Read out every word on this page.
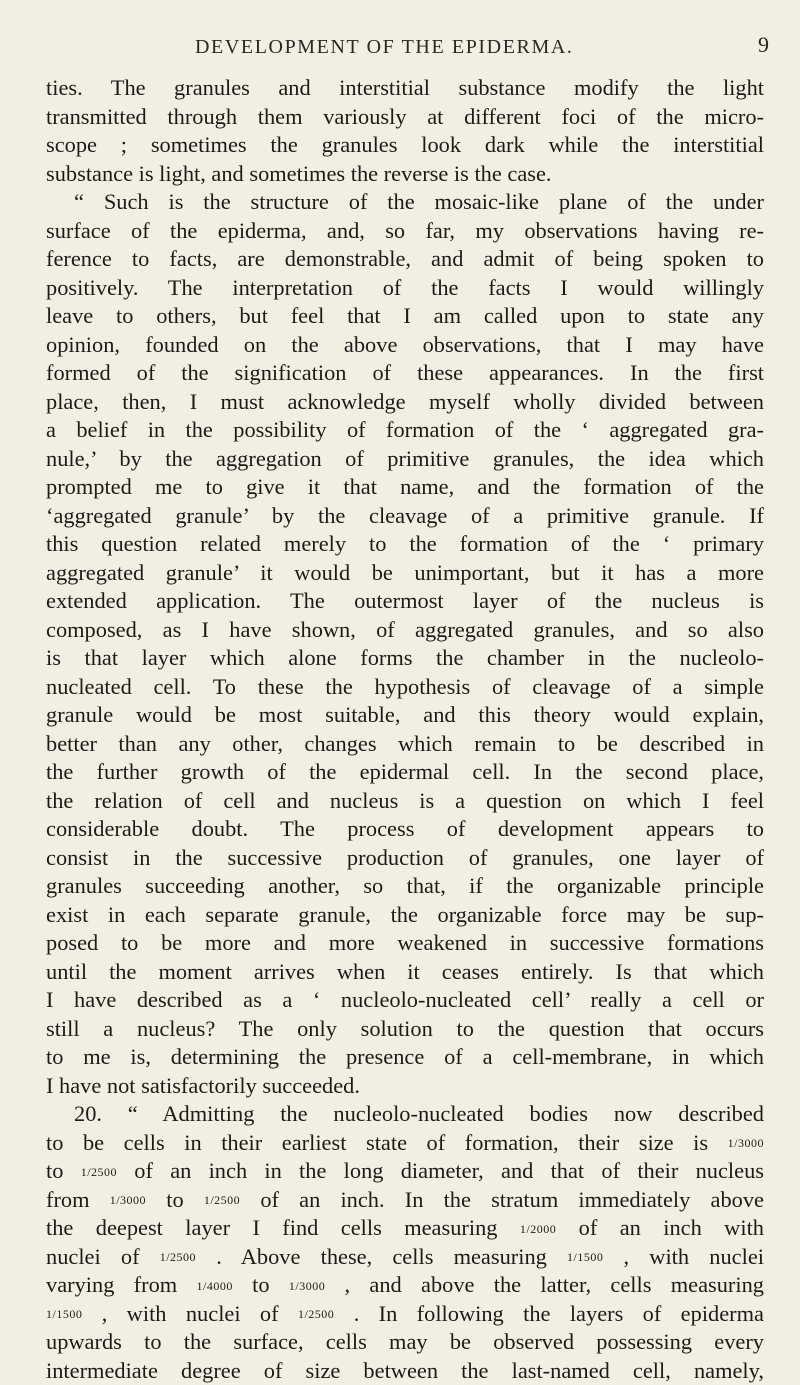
DEVELOPMENT OF THE EPIDERMA.	9
ties. The granules and interstitial substance modify the light
transmitted through them variously at different foci of the micro-
scope ; sometimes the granules look dark while the interstitial
substance is light, and sometimes the reverse is the case.
“ Such is the structure of the mosaic-like plane of the under
surface of the epiderma, and, so far, my observations having re-
ference to facts, are demonstrable, and admit of being spoken to
positively. The interpretation of the facts I would willingly
leave to others, but feel that I am called upon to state any
opinion, founded on the above observations, that I may have
formed of the signification of these appearances. In the first
place, then, I must acknowledge myself wholly divided between
a belief in the possibility of formation of the ‘ aggregated gra-
nule,’ by the aggregation of primitive granules, the idea which
prompted me to give it that name, and the formation of the
‘aggregated granule’ by the cleavage of a primitive granule. If
this question related merely to the formation of the ‘ primary
aggregated granule’ it would be unimportant, but it has a more
extended application. The outermost layer of the nucleus is
composed, as I have shown, of aggregated granules, and so also
is that layer which alone forms the chamber in the nucleolo-
nucleated cell. To these the hypothesis of cleavage of a simple
granule would be most suitable, and this theory would explain,
better than any other, changes which remain to be described in
the further growth of the epidermal cell. In the second place,
the relation of cell and nucleus is a question on which I feel
considerable doubt. The process of development appears to
consist in the successive production of granules, one layer of
granules succeeding another, so that, if the organizable principle
exist in each separate granule, the organizable force may be sup-
posed to be more and more weakened in successive formations
until the moment arrives when it ceases entirely. Is that which
I have described as a ‘ nucleolo-nucleated cell’ really a cell or
still a nucleus? The only solution to the question that occurs
to me is, determining the presence of a cell-membrane, in which
I have not satisfactorily succeeded.
20. “ Admitting the nucleolo-nucleated bodies now described
to be cells in their earliest state of formation, their size is 1/3000
to 1/2500 of an inch in the long diameter, and that of their nucleus
from 1/3000 to 1/2500 of an inch. In the stratum immediately above
the deepest layer I find cells measuring 1/2000 of an inch with
nuclei of 1/2500 . Above these, cells measuring 1/1500 , with nuclei
varying from 1/4000 to 1/3000 , and above the latter, cells measuring
1/1500 , with nuclei of 1/2500 . In following the layers of epiderma
upwards to the surface, cells may be observed possessing every
intermediate degree of size between the last-named cell, namely,
